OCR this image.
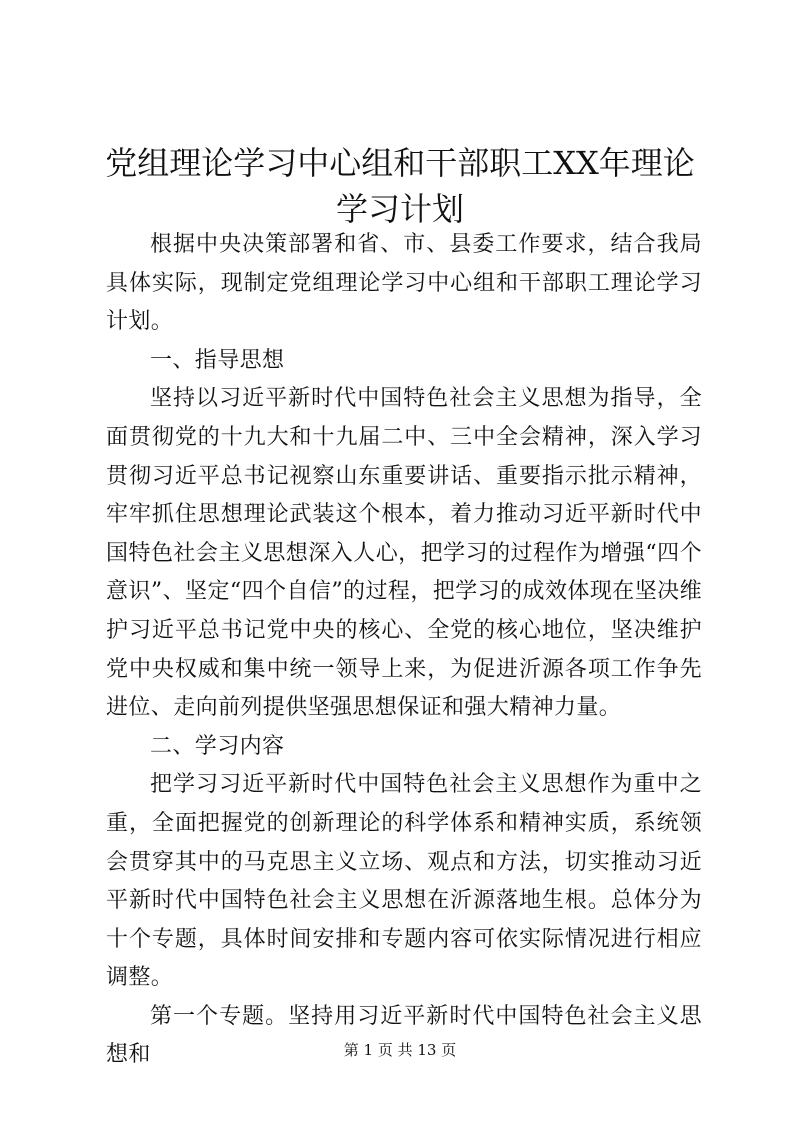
党组理论学习中心组和干部职工XX年理论学习计划

根据中央决策部署和省、市、县委工作要求，结合我局具体实际，现制定党组理论学习中心组和干部职工理论学习计划。

一、指导思想

坚持以习近平新时代中国特色社会主义思想为指导，全面贯彻党的十九大和十九届二中、三中全会精神，深入学习贯彻习近平总书记视察山东重要讲话、重要指示批示精神，牢牢抓住思想理论武装这个根本，着力推动习近平新时代中国特色社会主义思想深入人心，把学习的过程作为增强“四个意识”、坚定“四个自信”的过程，把学习的成效体现在坚决维护习近平总书记党中央的核心、全党的核心地位，坚决维护党中央权威和集中统一领导上来，为促进沂源各项工作争先进位、走向前列提供坚强思想保证和强大精神力量。

二、学习内容

把学习习近平新时代中国特色社会主义思想作为重中之重，全面把握党的创新理论的科学体系和精神实质，系统领会贯穿其中的马克思主义立场、观点和方法，切实推动习近平新时代中国特色社会主义思想在沂源落地生根。总体分为十个专题，具体时间安排和专题内容可依实际情况进行相应调整。

第一个专题。坚持用习近平新时代中国特色社会主义思想和	第 1 页 共 13 页
